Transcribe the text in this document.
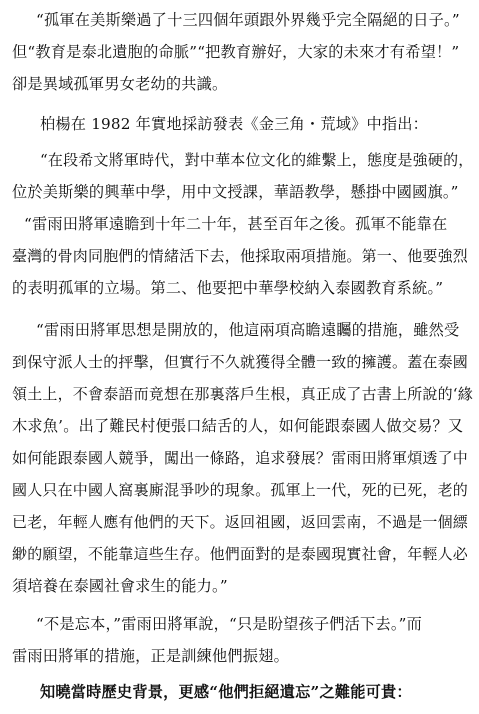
“孤軍在美斯樂過了十三四個年頭跟外界幾乎完全隔絕的日子。”
但“教育是泰北遺胞的命脈”“把教育辦好，大家的未來才有希望！”
卻是異域孤軍男女老幼的共識。
柏楊在 1982 年實地採訪發表《金三角・荒域》中指出：
“在段希文將軍時代，對中華本位文化的維繫上，態度是強硬的，
位於美斯樂的興華中學，用中文授課，華語教學，懸掛中國國旗。”
“雷雨田將軍遠瞻到十年二十年，甚至百年之後。孤軍不能靠在
臺灣的骨肉同胞們的情緒活下去，他採取兩項措施。第一、他要強烈
的表明孤軍的立場。第二、他要把中華學校納入泰國教育系統。”
“雷雨田將軍思想是開放的，他這兩項高瞻遠矚的措施，雖然受
到保守派人士的抨擊，但實行不久就獲得全體一致的擁護。蓋在泰國
領土上，不會泰語而竟想在那裏落戶生根，真正成了古書上所說的‘緣
木求魚’。出了難民村便張口結舌的人，如何能跟泰國人做交易？又
如何能跟泰國人競爭，闖出一條路，追求發展？雷雨田將軍煩透了中
國人只在中國人窩裏廝混爭吵的現象。孤軍上一代，死的已死，老的
已老，年輕人應有他們的天下。返回祖國，返回雲南，不過是一個縹
緲的願望，不能靠這些生存。他們面對的是泰國現實社會，年輕人必
須培養在泰國社會求生的能力。”
“不是忘本，”雷雨田將軍說，“只是盼望孩子們活下去。”而
雷雨田將軍的措施，正是訓練他們振翅。
知曉當時歷史背景，更感“他們拒絕遺忘”之難能可貴：
